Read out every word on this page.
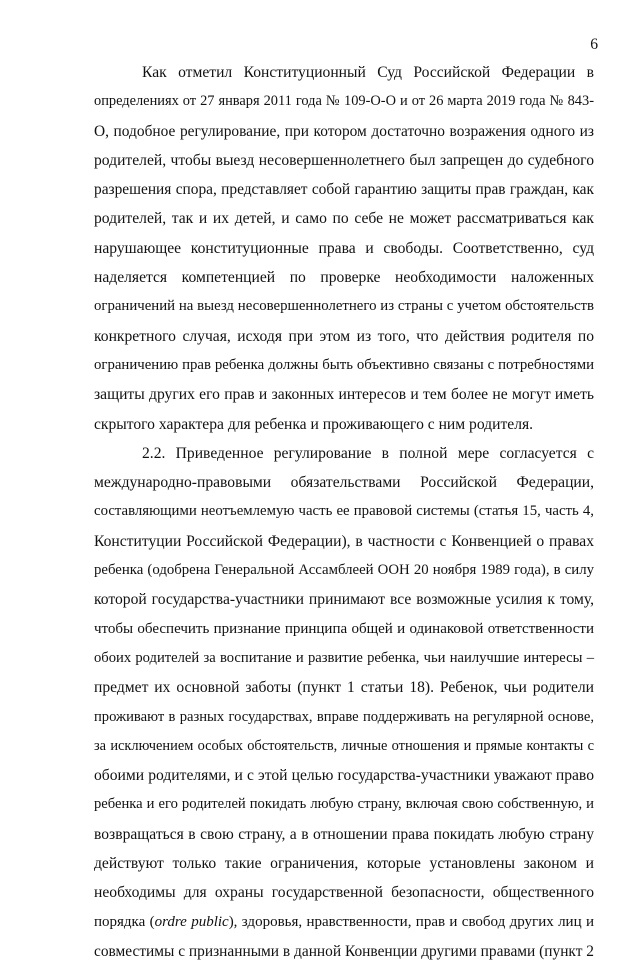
6
Как отметил Конституционный Суд Российской Федерации в
определениях от 27 января 2011 года № 109-О-О и от 26 марта 2019 года № 843-
О, подобное регулирование, при котором достаточно возражения одного из
родителей, чтобы выезд несовершеннолетнего был запрещен до судебного
разрешения спора, представляет собой гарантию защиты прав граждан, как
родителей, так и их детей, и само по себе не может рассматриваться как
нарушающее конституционные права и свободы. Соответственно, суд
наделяется компетенцией по проверке необходимости наложенных
ограничений на выезд несовершеннолетнего из страны с учетом обстоятельств
конкретного случая, исходя при этом из того, что действия родителя по
ограничению прав ребенка должны быть объективно связаны с потребностями
защиты других его прав и законных интересов и тем более не могут иметь
скрытого характера для ребенка и проживающего с ним родителя.
2.2. Приведенное регулирование в полной мере согласуется с
международно-правовыми обязательствами Российской Федерации,
составляющими неотъемлемую часть ее правовой системы (статья 15, часть 4,
Конституции Российской Федерации), в частности с Конвенцией о правах
ребенка (одобрена Генеральной Ассамблеей ООН 20 ноября 1989 года), в силу
которой государства-участники принимают все возможные усилия к тому,
чтобы обеспечить признание принципа общей и одинаковой ответственности
обоих родителей за воспитание и развитие ребенка, чьи наилучшие интересы –
предмет их основной заботы (пункт 1 статьи 18). Ребенок, чьи родители
проживают в разных государствах, вправе поддерживать на регулярной основе,
за исключением особых обстоятельств, личные отношения и прямые контакты с
обоими родителями, и с этой целью государства-участники уважают право
ребенка и его родителей покидать любую страну, включая свою собственную, и
возвращаться в свою страну, а в отношении права покидать любую страну
действуют только такие ограничения, которые установлены законом и
необходимы для охраны государственной безопасности, общественного
порядка (ordre public), здоровья, нравственности, прав и свобод других лиц и
совместимы с признанными в данной Конвенции другими правами (пункт 2
